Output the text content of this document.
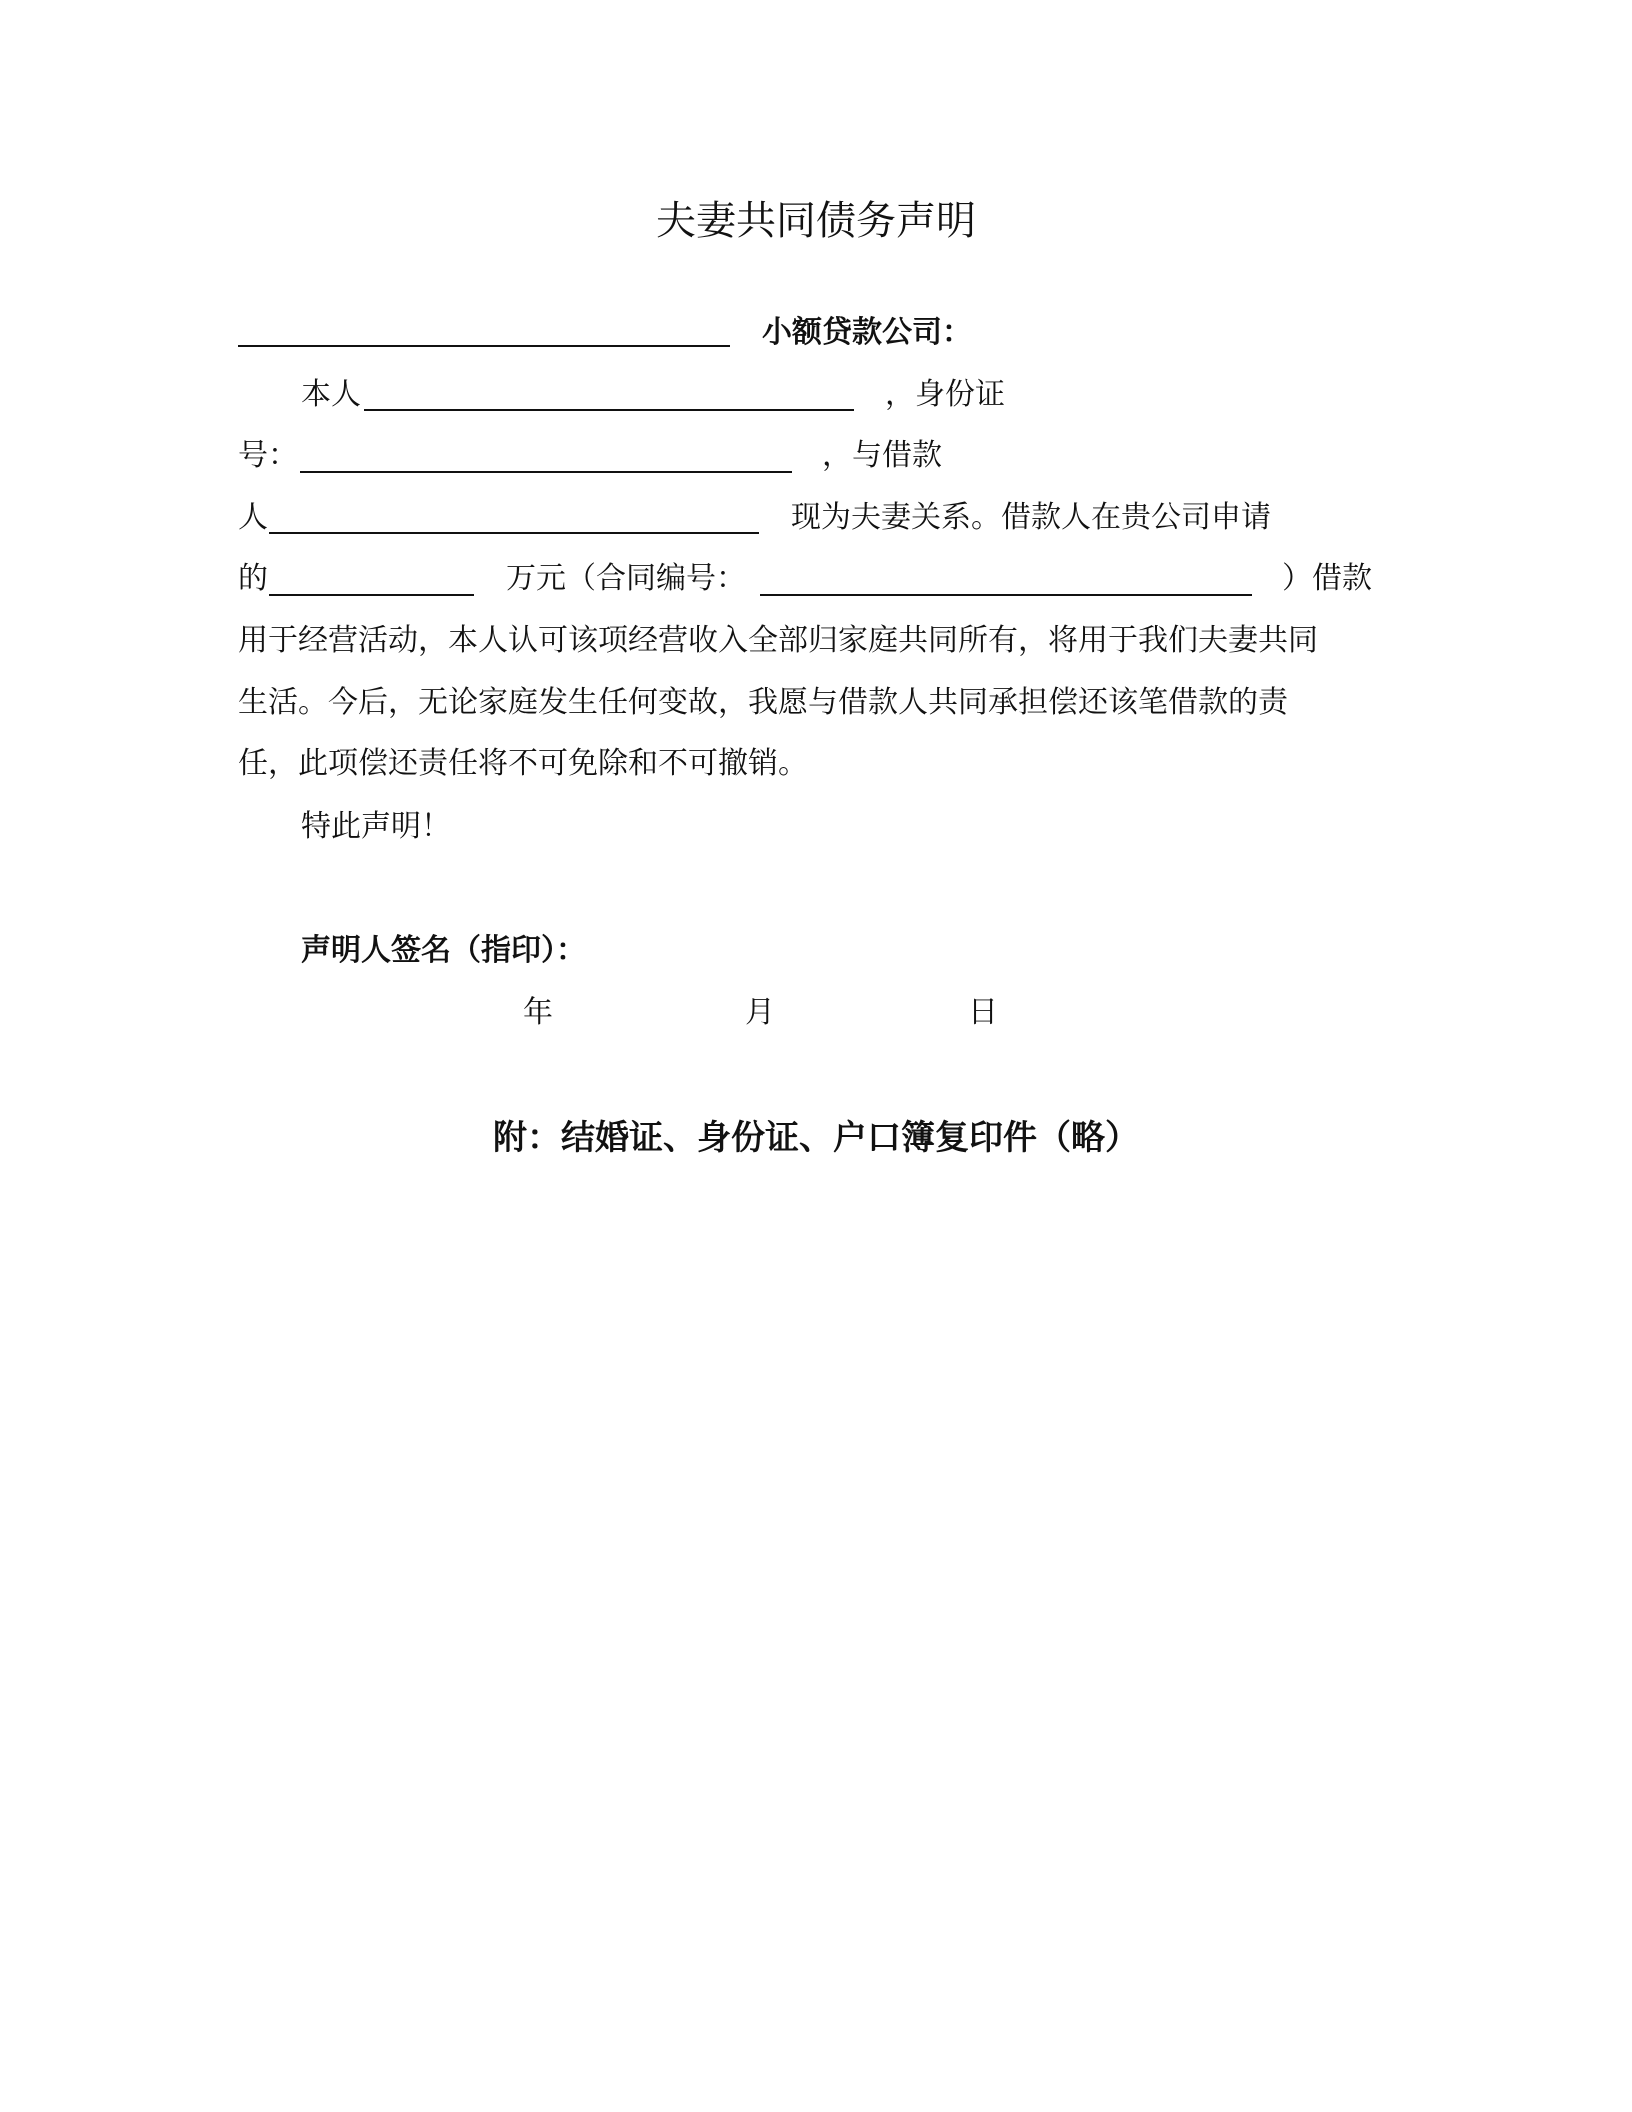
夫妻共同债务声明
小额贷款公司：
本人	，身份证
号：	，与借款
人	现为夫妻关系。借款人在贵公司申请
的	万元（合同编号：	）借款
用于经营活动，本人认可该项经营收入全部归家庭共同所有，将用于我们夫妻共同
生活。今后，无论家庭发生任何变故，我愿与借款人共同承担偿还该笔借款的责
任，此项偿还责任将不可免除和不可撤销。
特此声明！
声明人签名（指印）：
年	月	日
附：结婚证、身份证、户口簿复印件（略）
